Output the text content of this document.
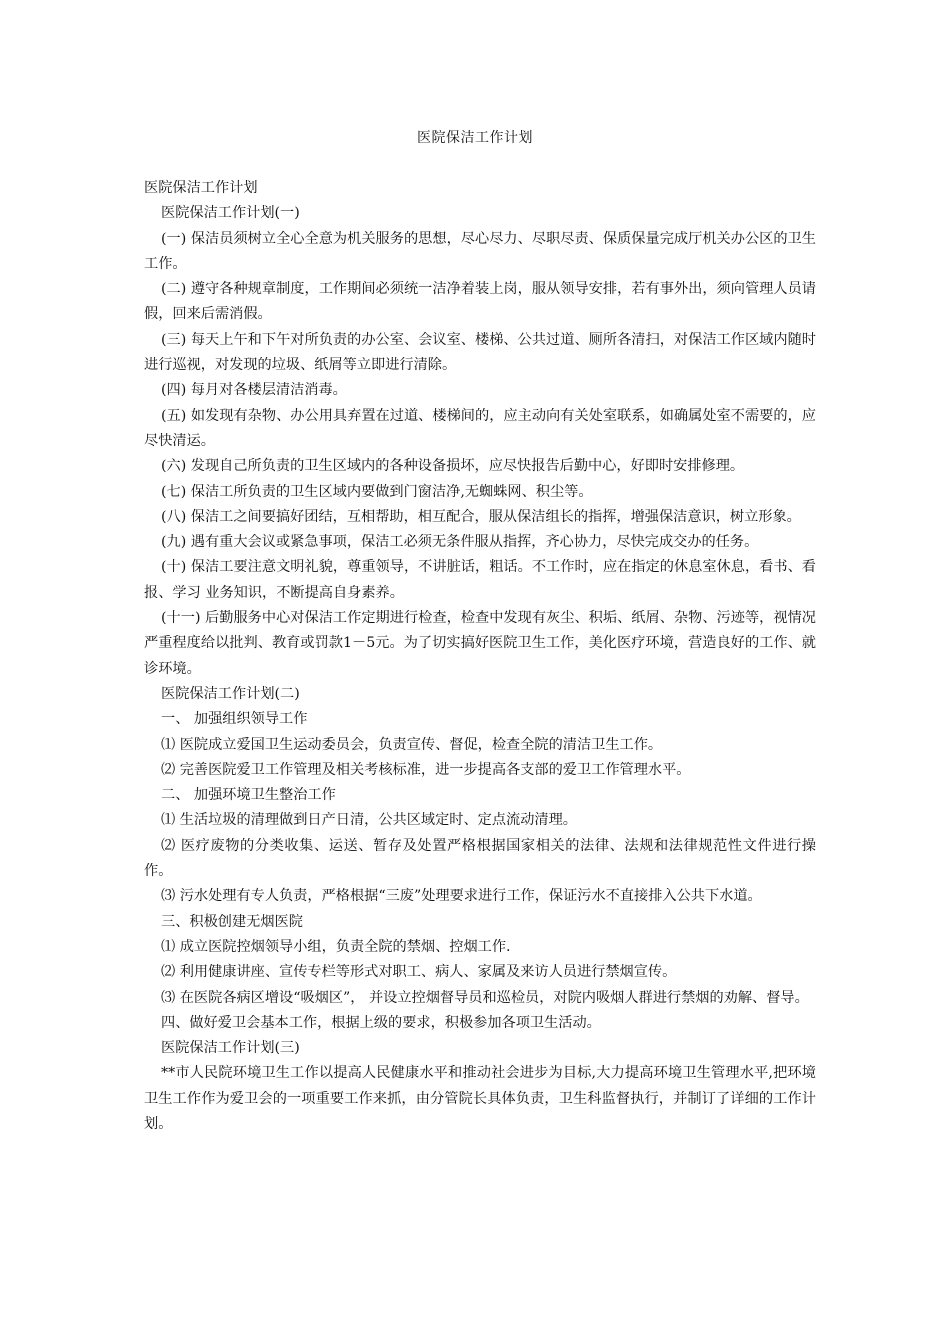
医院保洁工作计划

医院保洁工作计划

医院保洁工作计划(一)

(一) 保洁员须树立全心全意为机关服务的思想，尽心尽力、尽职尽责、保质保量完成厅机关办公区的卫生工作。

(二) 遵守各种规章制度，工作期间必须统一洁净着装上岗，服从领导安排，若有事外出，须向管理人员请假，回来后需消假。

(三) 每天上午和下午对所负责的办公室、会议室、楼梯、公共过道、厕所各清扫，对保洁工作区域内随时进行巡视，对发现的垃圾、纸屑等立即进行清除。

(四) 每月对各楼层清洁消毒。

(五) 如发现有杂物、办公用具弃置在过道、楼梯间的，应主动向有关处室联系，如确属处室不需要的，应尽快清运。

(六) 发现自己所负责的卫生区域内的各种设备损坏，应尽快报告后勤中心，好即时安排修理。

(七) 保洁工所负责的卫生区域内要做到门窗洁净,无蜘蛛网、积尘等。

(八) 保洁工之间要搞好团结，互相帮助，相互配合，服从保洁组长的指挥，增强保洁意识，树立形象。

(九) 遇有重大会议或紧急事项，保洁工必须无条件服从指挥，齐心协力，尽快完成交办的任务。

(十) 保洁工要注意文明礼貌，尊重领导，不讲脏话，粗话。不工作时，应在指定的休息室休息，看书、看报、学习 业务知识，不断提高自身素养。

(十一) 后勤服务中心对保洁工作定期进行检查，检查中发现有灰尘、积垢、纸屑、杂物、污迹等，视情况严重程度给以批判、教育或罚款1－5元。为了切实搞好医院卫生工作，美化医疗环境，营造良好的工作、就诊环境。

医院保洁工作计划(二)

一、 加强组织领导工作

⑴ 医院成立爱国卫生运动委员会，负责宣传、督促，检查全院的清洁卫生工作。

⑵ 完善医院爱卫工作管理及相关考核标准，进一步提高各支部的爱卫工作管理水平。

二、 加强环境卫生整治工作

⑴ 生活垃圾的清理做到日产日清，公共区域定时、定点流动清理。

⑵ 医疗废物的分类收集、运送、暂存及处置严格根据国家相关的法律、法规和法律规范性文件进行操作。

⑶ 污水处理有专人负责，严格根据“三废”处理要求进行工作，保证污水不直接排入公共下水道。

三、积极创建无烟医院

⑴ 成立医院控烟领导小组，负责全院的禁烟、控烟工作.

⑵ 利用健康讲座、宣传专栏等形式对职工、病人、家属及来访人员进行禁烟宣传。

⑶ 在医院各病区增设“吸烟区”， 并设立控烟督导员和巡检员，对院内吸烟人群进行禁烟的劝解、督导。

四、做好爱卫会基本工作，根据上级的要求，积极参加各项卫生活动。

医院保洁工作计划(三)

**市人民院环境卫生工作以提高人民健康水平和推动社会进步为目标,大力提高环境卫生管理水平,把环境卫生工作作为爱卫会的一项重要工作来抓，由分管院长具体负责，卫生科监督执行，并制订了详细的工作计划。
